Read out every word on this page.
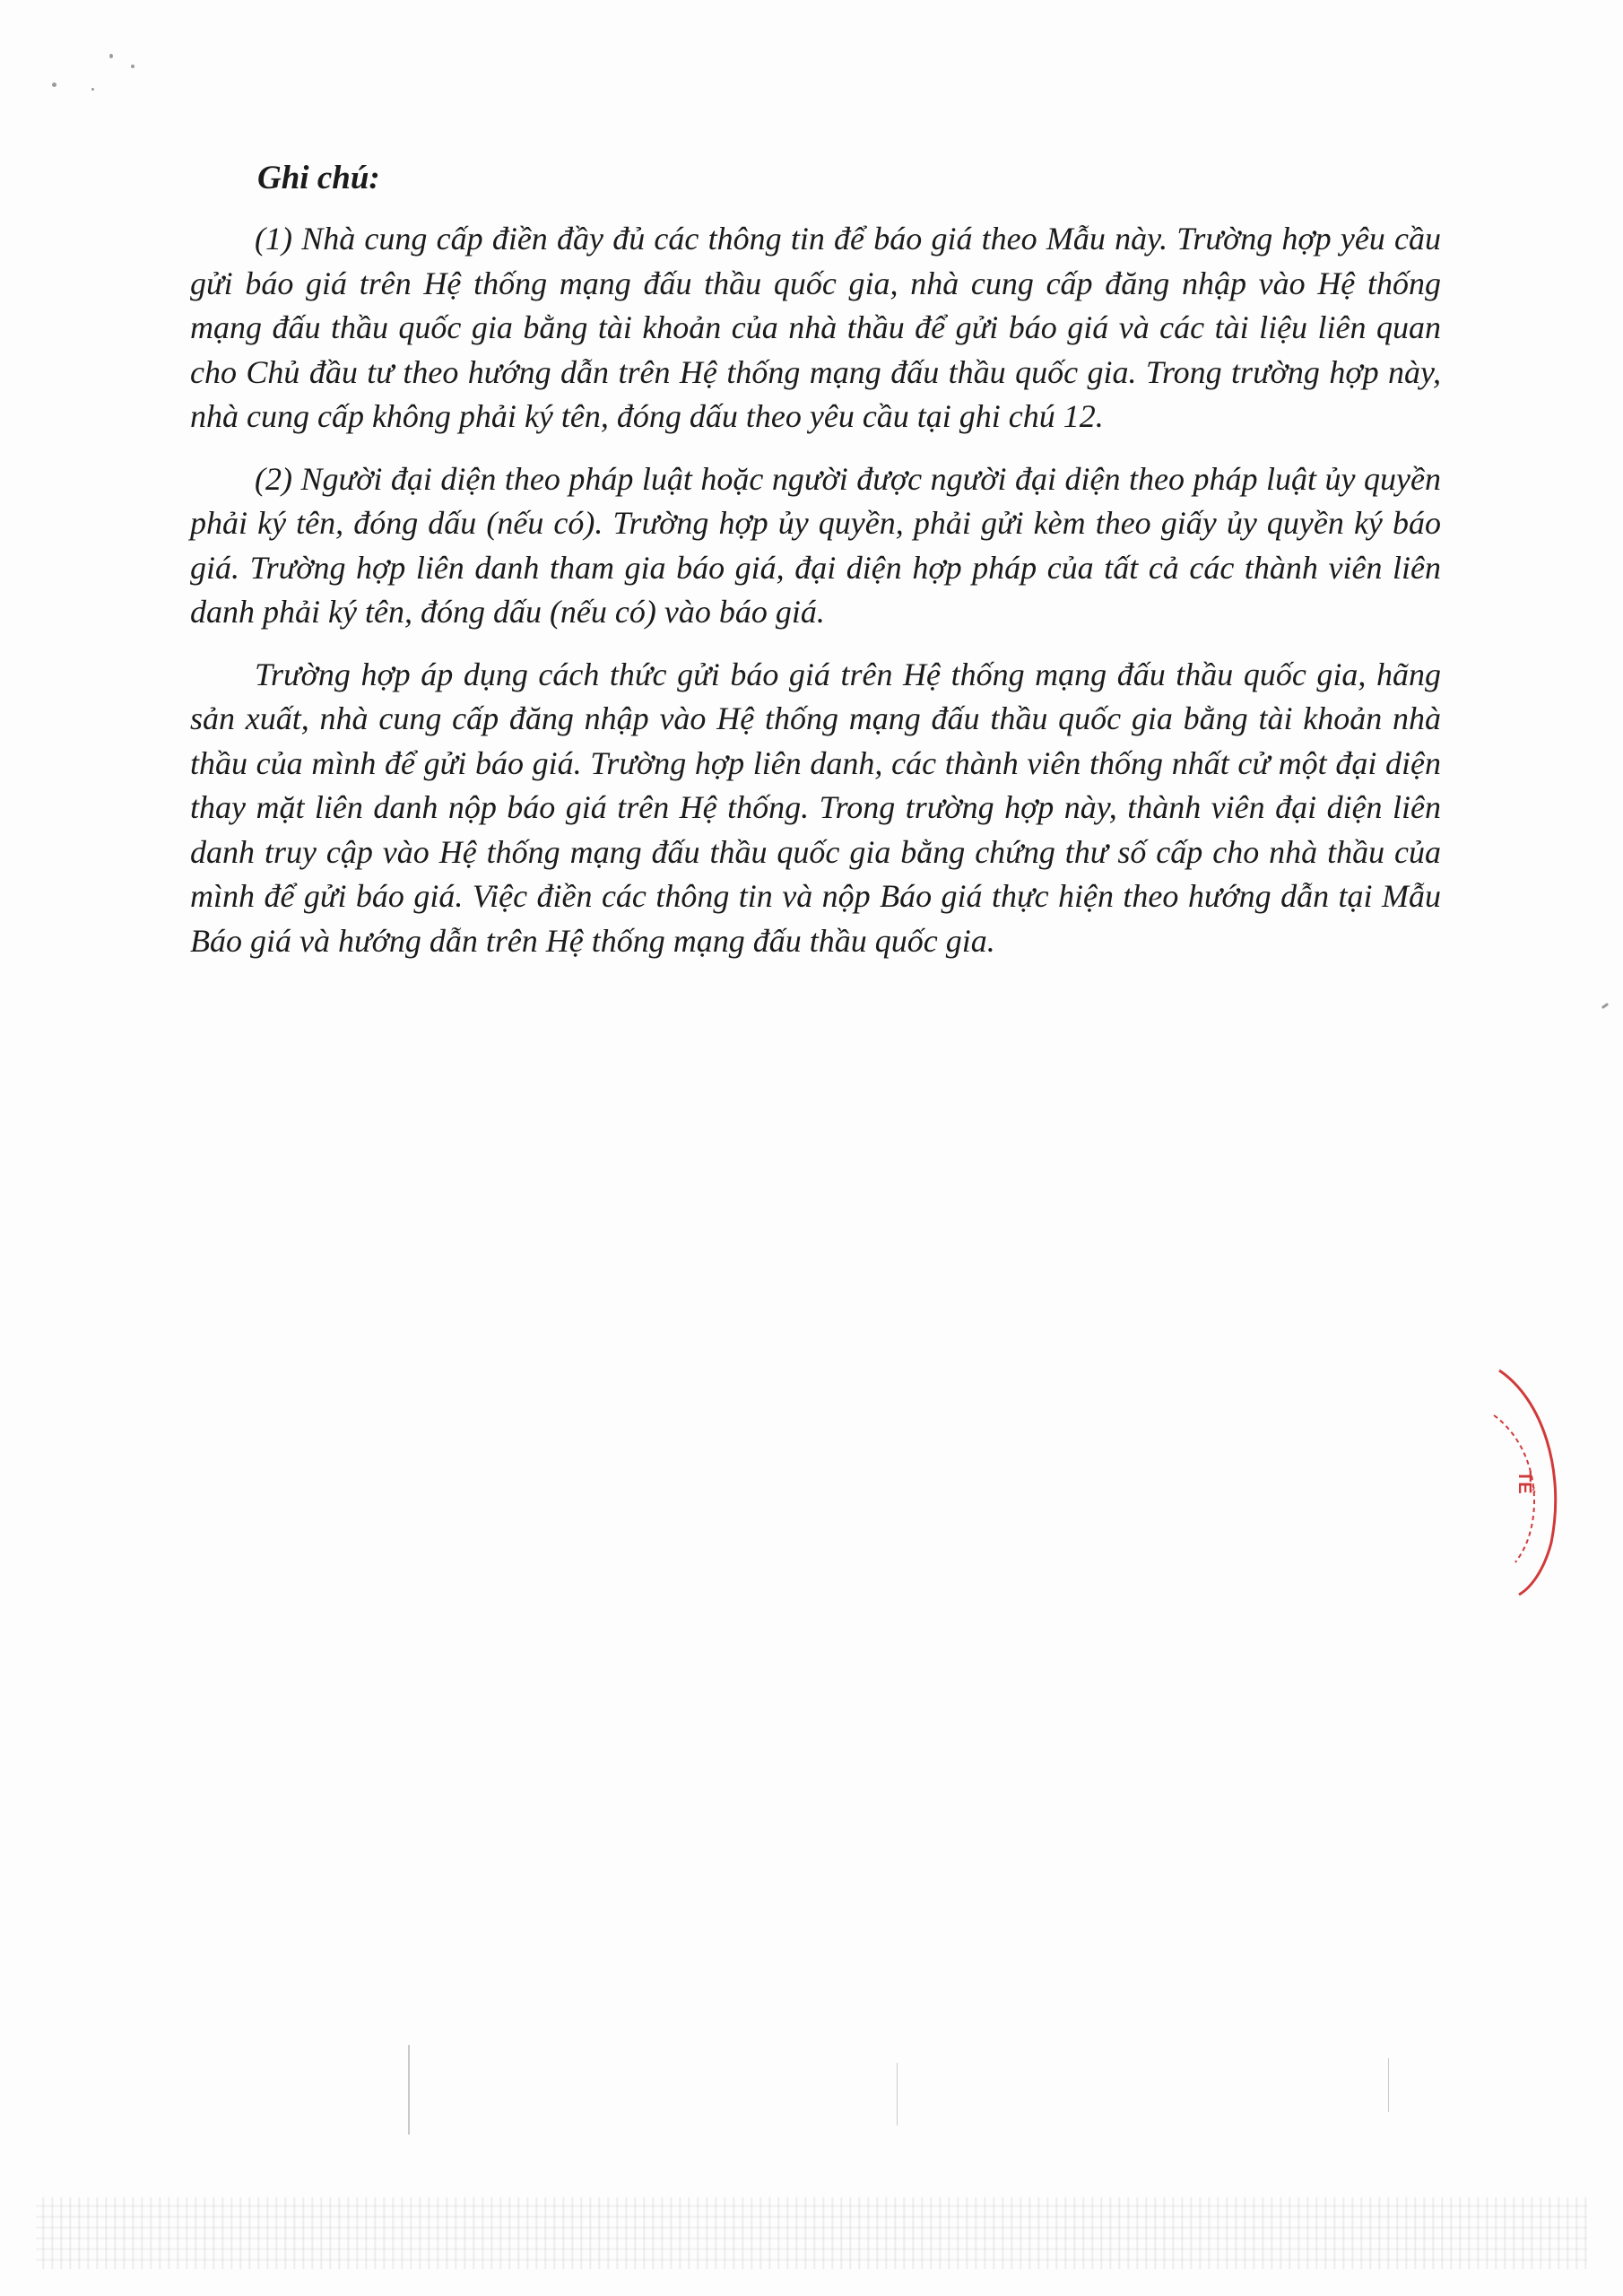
Ghi chú:

(1) Nhà cung cấp điền đầy đủ các thông tin để báo giá theo Mẫu này. Trường hợp yêu cầu gửi báo giá trên Hệ thống mạng đấu thầu quốc gia, nhà cung cấp đăng nhập vào Hệ thống mạng đấu thầu quốc gia bằng tài khoản của nhà thầu để gửi báo giá và các tài liệu liên quan cho Chủ đầu tư theo hướng dẫn trên Hệ thống mạng đấu thầu quốc gia. Trong trường hợp này, nhà cung cấp không phải ký tên, đóng dấu theo yêu cầu tại ghi chú 12.

(2) Người đại diện theo pháp luật hoặc người được người đại diện theo pháp luật ủy quyền phải ký tên, đóng dấu (nếu có). Trường hợp ủy quyền, phải gửi kèm theo giấy ủy quyền ký báo giá. Trường hợp liên danh tham gia báo giá, đại diện hợp pháp của tất cả các thành viên liên danh phải ký tên, đóng dấu (nếu có) vào báo giá.

Trường hợp áp dụng cách thức gửi báo giá trên Hệ thống mạng đấu thầu quốc gia, hãng sản xuất, nhà cung cấp đăng nhập vào Hệ thống mạng đấu thầu quốc gia bằng tài khoản nhà thầu của mình để gửi báo giá. Trường hợp liên danh, các thành viên thống nhất cử một đại diện thay mặt liên danh nộp báo giá trên Hệ thống. Trong trường hợp này, thành viên đại diện liên danh truy cập vào Hệ thống mạng đấu thầu quốc gia bằng chứng thư số cấp cho nhà thầu của mình để gửi báo giá. Việc điền các thông tin và nộp Báo giá thực hiện theo hướng dẫn tại Mẫu Báo giá và hướng dẫn trên Hệ thống mạng đấu thầu quốc gia.

TẾ
